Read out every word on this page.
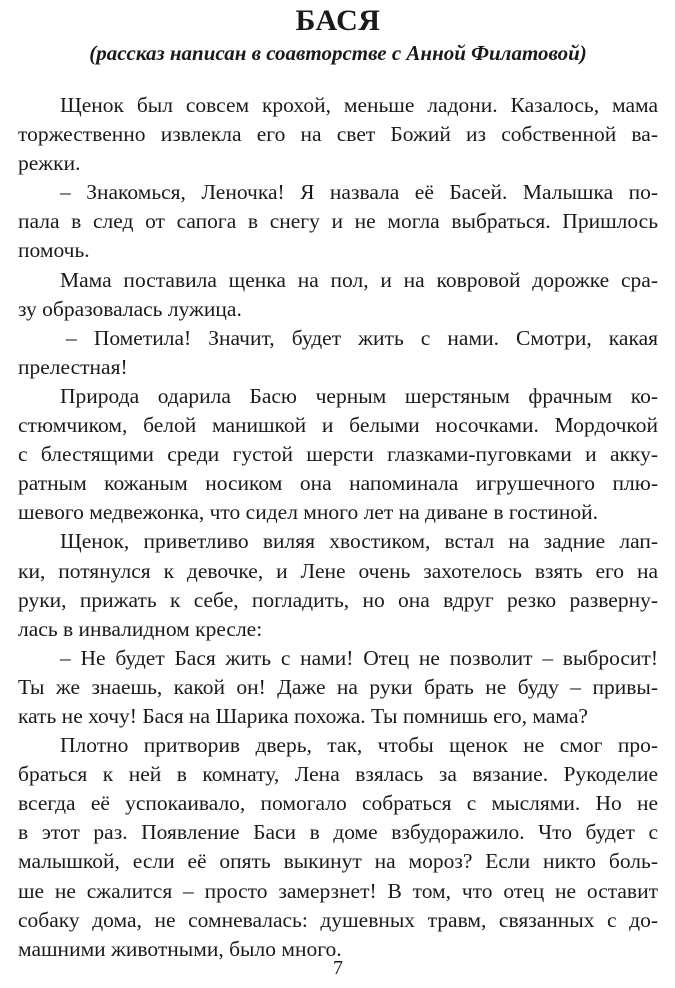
БАСЯ
(рассказ написан в соавторстве с Анной Филатовой)
Щенок был совсем крохой, меньше ладони. Казалось, мама
торжественно извлекла его на свет Божий из собственной ва-
режки.
– Знакомься, Леночка! Я назвала её Басей. Малышка по-
пала в след от сапога в снегу и не могла выбраться. Пришлось
помочь.
Мама поставила щенка на пол, и на ковровой дорожке сра-
зу образовалась лужица.
– Пометила! Значит, будет жить с нами. Смотри, какая
прелестная!
Природа одарила Басю черным шерстяным фрачным ко-
стюмчиком, белой манишкой и белыми носочками. Мордочкой
с блестящими среди густой шерсти глазками-пуговками и акку-
ратным кожаным носиком она напоминала игрушечного плю-
шевого медвежонка, что сидел много лет на диване в гостиной.
Щенок, приветливо виляя хвостиком, встал на задние лап-
ки, потянулся к девочке, и Лене очень захотелось взять его на
руки, прижать к себе, погладить, но она вдруг резко разверну-
лась в инвалидном кресле:
– Не будет Бася жить с нами! Отец не позволит – выбросит!
Ты же знаешь, какой он! Даже на руки брать не буду – привы-
кать не хочу! Бася на Шарика похожа. Ты помнишь его, мама?
Плотно притворив дверь, так, чтобы щенок не смог про-
браться к ней в комнату, Лена взялась за вязание. Рукоделие
всегда её успокаивало, помогало собраться с мыслями. Но не
в этот раз. Появление Баси в доме взбудоражило. Что будет с
малышкой, если её опять выкинут на мороз? Если никто боль-
ше не сжалится – просто замерзнет! В том, что отец не оставит
собаку дома, не сомневалась: душевных травм, связанных с до-
машними животными, было много.
7
